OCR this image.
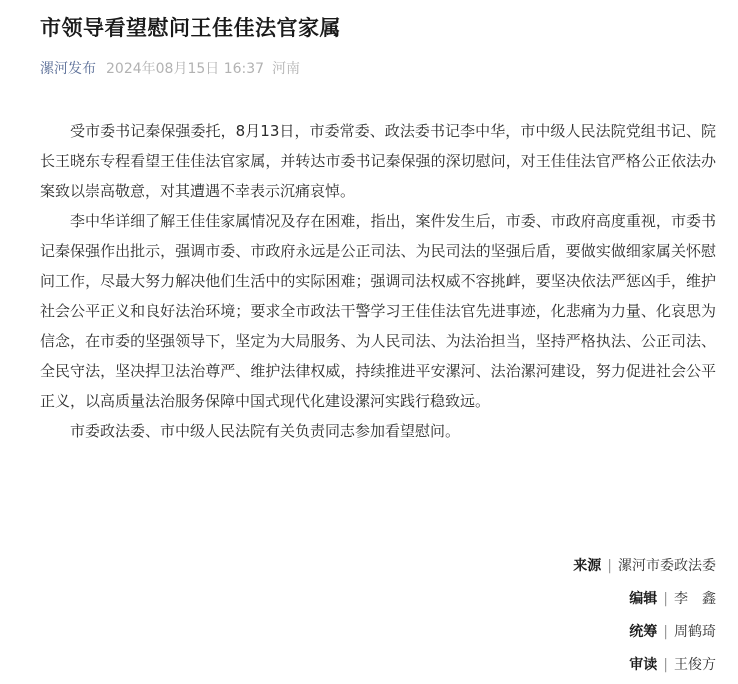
市领导看望慰问王佳佳法官家属
漯河发布 2024年08月15日 16:37 河南

受市委书记秦保强委托，8月13日，市委常委、政法委书记李中华，市中级人民法院党组书记、院长王晓东专程看望王佳佳法官家属，并转达市委书记秦保强的深切慰问，对王佳佳法官严格公正依法办案致以崇高敬意，对其遭遇不幸表示沉痛哀悼。

李中华详细了解王佳佳家属情况及存在困难，指出，案件发生后，市委、市政府高度重视，市委书记秦保强作出批示，强调市委、市政府永远是公正司法、为民司法的坚强后盾，要做实做细家属关怀慰问工作，尽最大努力解决他们生活中的实际困难；强调司法权威不容挑衅，要坚决依法严惩凶手，维护社会公平正义和良好法治环境；要求全市政法干警学习王佳佳法官先进事迹，化悲痛为力量、化哀思为信念，在市委的坚强领导下，坚定为大局服务、为人民司法、为法治担当，坚持严格执法、公正司法、全民守法，坚决捍卫法治尊严、维护法律权威，持续推进平安漯河、法治漯河建设，努力促进社会公平正义，以高质量法治服务保障中国式现代化建设漯河实践行稳致远。

市委政法委、市中级人民法院有关负责同志参加看望慰问。

来源 | 漯河市委政法委
编辑 | 李　鑫
统筹 | 周鹤琦
审读 | 王俊方
